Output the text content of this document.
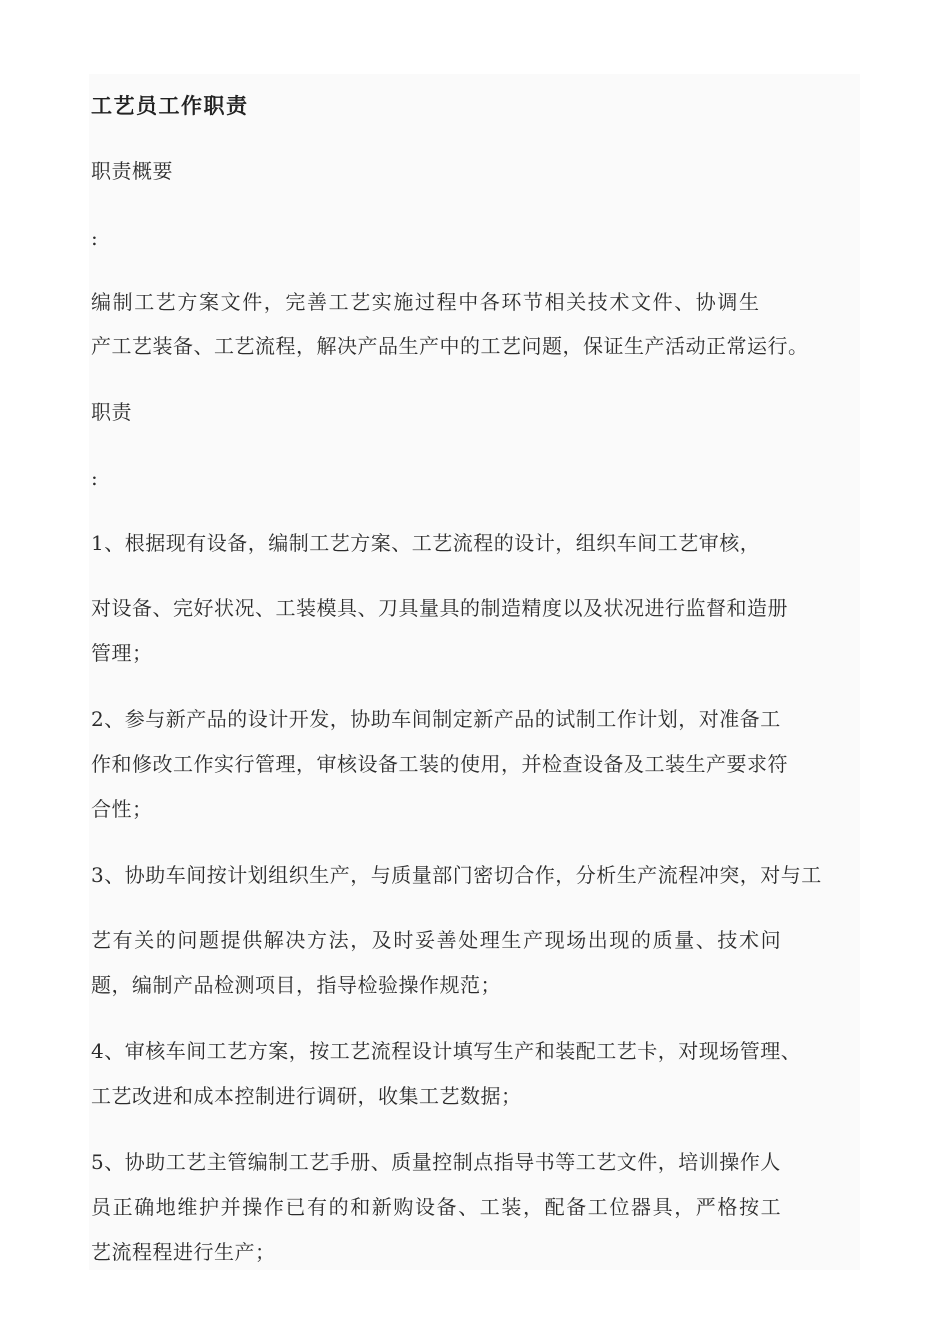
工艺员工作职责
职责概要
:
编制工艺方案文件，完善工艺实施过程中各环节相关技术文件、协调生
产工艺装备、工艺流程，解决产品生产中的工艺问题，保证生产活动正常运行。
职责
:
1、根据现有设备，编制工艺方案、工艺流程的设计，组织车间工艺审核，
对设备、完好状况、工装模具、刀具量具的制造精度以及状况进行监督和造册
管理；
2、参与新产品的设计开发，协助车间制定新产品的试制工作计划，对准备工
作和修改工作实行管理，审核设备工装的使用，并检查设备及工装生产要求符
合性；
3、协助车间按计划组织生产，与质量部门密切合作，分析生产流程冲突，对与工
艺有关的问题提供解决方法，及时妥善处理生产现场出现的质量、技术问
题，编制产品检测项目，指导检验操作规范；
4、审核车间工艺方案，按工艺流程设计填写生产和装配工艺卡，对现场管理、
工艺改进和成本控制进行调研，收集工艺数据；
5、协助工艺主管编制工艺手册、质量控制点指导书等工艺文件，培训操作人
员正确地维护并操作已有的和新购设备、工装，配备工位器具，严格按工
艺流程程进行生产；
